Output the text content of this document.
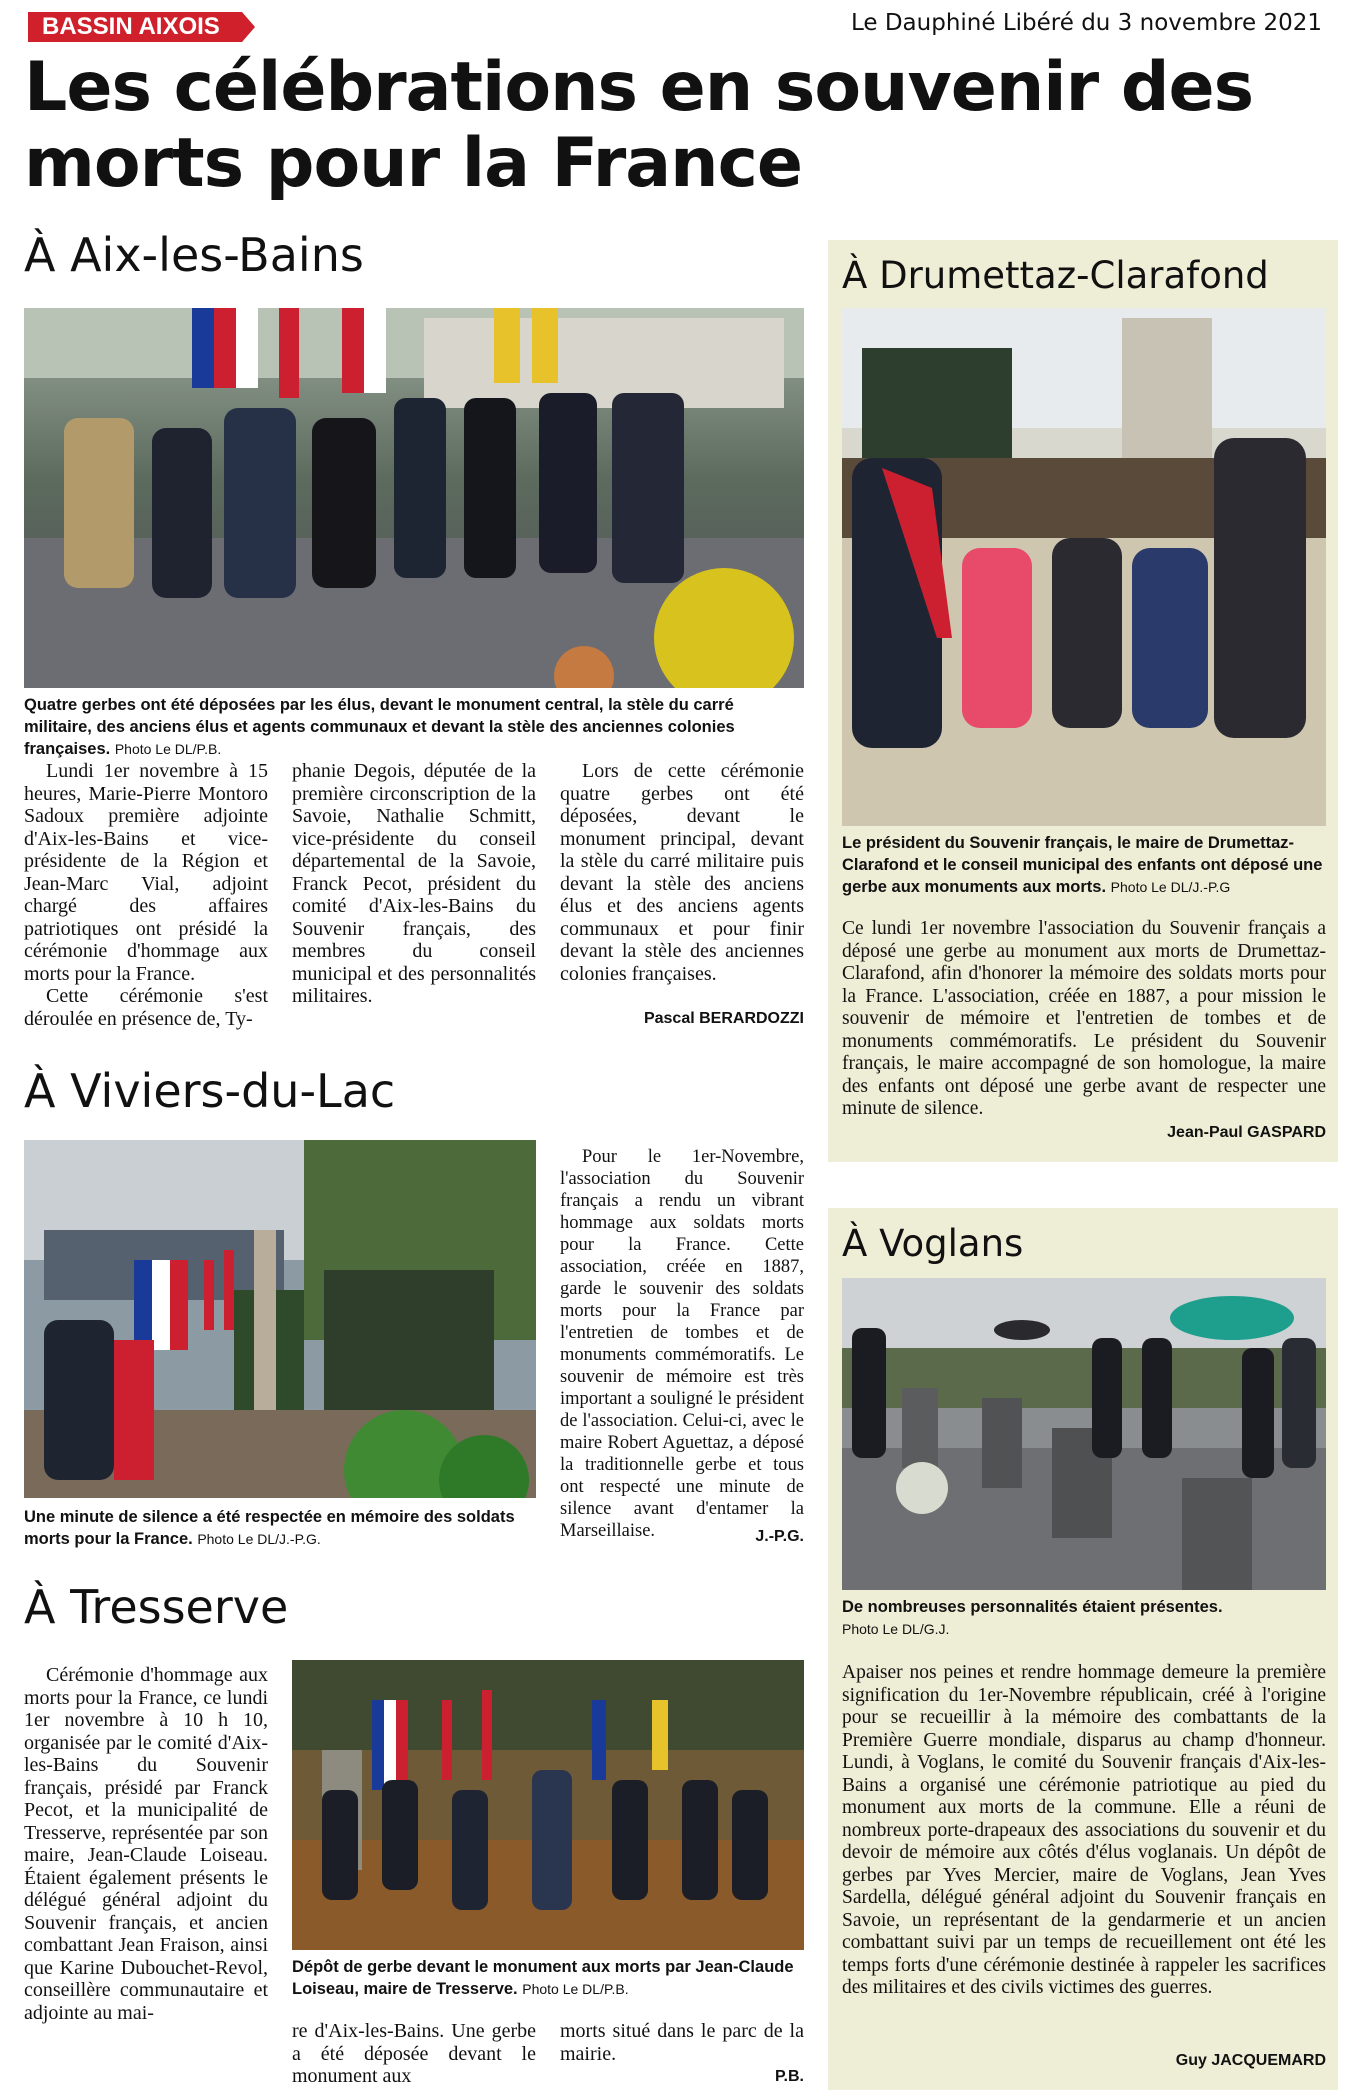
BASSIN AIXOIS	Le Dauphiné Libéré du 3 novembre 2021
Les célébrations en souvenir des morts pour la France
À Aix-les-Bains
Quatre gerbes ont été déposées par les élus, devant le monument central, la stèle du carré militaire, des anciens élus et agents communaux et devant la stèle des anciennes colonies françaises. Photo Le DL/P.B.

Lundi 1er novembre à 15 heures, Marie-Pierre Montoro Sadoux première adjointe d'Aix-les-Bains et vice-présidente de la Région et Jean-Marc Vial, adjoint chargé des affaires patriotiques ont présidé la cérémonie d'hommage aux morts pour la France.
Cette cérémonie s'est déroulée en présence de, Ty-

phanie Degois, députée de la première circonscription de la Savoie, Nathalie Schmitt, vice-présidente du conseil départemental de la Savoie, Franck Pecot, président du comité d'Aix-les-Bains du Souvenir français, des membres du conseil municipal et des personnalités militaires.

Lors de cette cérémonie quatre gerbes ont été déposées, devant le monument principal, devant la stèle du carré militaire puis devant la stèle des anciens élus et des anciens agents communaux et pour finir devant la stèle des anciennes colonies françaises.

Pascal BERARDOZZI
À Viviers-du-Lac
Une minute de silence a été respectée en mémoire des soldats morts pour la France. Photo Le DL/J.-P.G.

Pour le 1er-Novembre, l'association du Souvenir français a rendu un vibrant hommage aux soldats morts pour la France. Cette association, créée en 1887, garde le souvenir des soldats morts pour la France par l'entretien de tombes et de monuments commémoratifs. Le souvenir de mémoire est très important a souligné le président de l'association. Celui-ci, avec le maire Robert Aguettaz, a déposé la traditionnelle gerbe et tous ont respecté une minute de silence avant d'entamer la Marseillaise.	J.-P.G.
À Tresserve

Cérémonie d'hommage aux morts pour la France, ce lundi 1er novembre à 10 h 10, organisée par le comité d'Aix-les-Bains du Souvenir français, présidé par Franck Pecot, et la municipalité de Tresserve, représentée par son maire, Jean-Claude Loiseau. Étaient également présents le délégué général adjoint du Souvenir français, et ancien combattant Jean Fraison, ainsi que Karine Dubouchet-Revol, conseillère communautaire et adjointe au mai-

Dépôt de gerbe devant le monument aux morts par Jean-Claude Loiseau, maire de Tresserve. Photo Le DL/P.B.

re d'Aix-les-Bains. Une gerbe a été déposée devant le monument aux

morts situé dans le parc de la mairie.

P.B.
À Drumettaz-Clarafond
Le président du Souvenir français, le maire de Drumettaz-Clarafond et le conseil municipal des enfants ont déposé une gerbe aux monuments aux morts. Photo Le DL/J.-P.G

Ce lundi 1er novembre l'association du Souvenir français a déposé une gerbe au monument aux morts de Drumettaz-Clarafond, afin d'honorer la mémoire des soldats morts pour la France. L'association, créée en 1887, a pour mission le souvenir de mémoire et l'entretien de tombes et de monuments commémoratifs. Le président du Souvenir français, le maire accompagné de son homologue, la maire des enfants ont déposé une gerbe avant de respecter une minute de silence.

Jean-Paul GASPARD
À Voglans
De nombreuses personnalités étaient présentes.
Photo Le DL/G.J.

Apaiser nos peines et rendre hommage demeure la première signification du 1er-Novembre républicain, créé à l'origine pour se recueillir à la mémoire des combattants de la Première Guerre mondiale, disparus au champ d'honneur. Lundi, à Voglans, le comité du Souvenir français d'Aix-les-Bains a organisé une cérémonie patriotique au pied du monument aux morts de la commune. Elle a réuni de nombreux porte-drapeaux des associations du souvenir et du devoir de mémoire aux côtés d'élus voglanais. Un dépôt de gerbes par Yves Mercier, maire de Voglans, Jean Yves Sardella, délégué général adjoint du Souvenir français en Savoie, un représentant de la gendarmerie et un ancien combattant suivi par un temps de recueillement ont été les temps forts d'une cérémonie destinée à rappeler les sacrifices des militaires et des civils victimes des guerres.

Guy JACQUEMARD
